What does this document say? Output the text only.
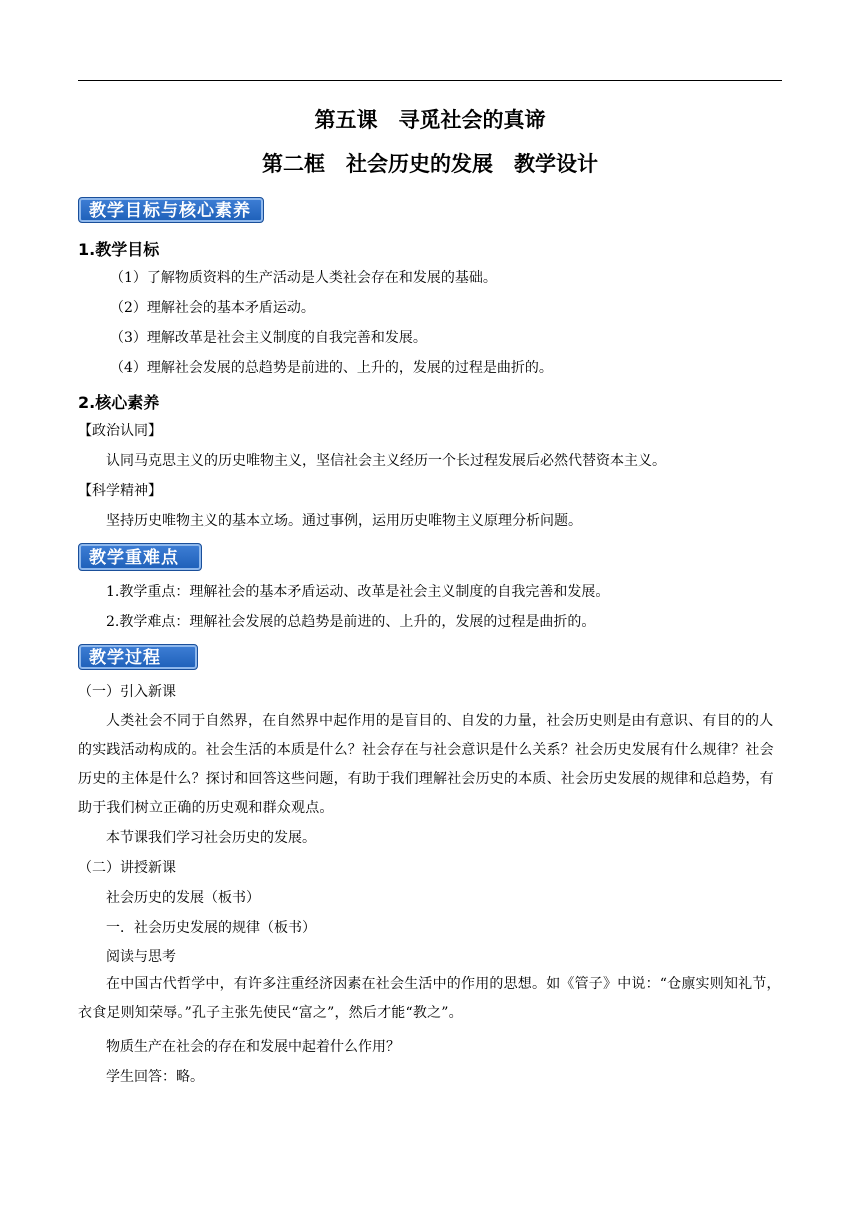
第五课　寻觅社会的真谛
第二框　社会历史的发展　教学设计
教学目标与核心素养
1.教学目标
（1）了解物质资料的生产活动是人类社会存在和发展的基础。
（2）理解社会的基本矛盾运动。
（3）理解改革是社会主义制度的自我完善和发展。
（4）理解社会发展的总趋势是前进的、上升的，发展的过程是曲折的。
2.核心素养
【政治认同】
认同马克思主义的历史唯物主义，坚信社会主义经历一个长过程发展后必然代替资本主义。
【科学精神】
坚持历史唯物主义的基本立场。通过事例，运用历史唯物主义原理分析问题。
教学重难点
1.教学重点：理解社会的基本矛盾运动、改革是社会主义制度的自我完善和发展。
2.教学难点：理解社会发展的总趋势是前进的、上升的，发展的过程是曲折的。
教学过程
（一）引入新课
人类社会不同于自然界，在自然界中起作用的是盲目的、自发的力量，社会历史则是由有意识、有目的的人的实践活动构成的。社会生活的本质是什么？社会存在与社会意识是什么关系？社会历史发展有什么规律？社会历史的主体是什么？探讨和回答这些问题，有助于我们理解社会历史的本质、社会历史发展的规律和总趋势，有助于我们树立正确的历史观和群众观点。
本节课我们学习社会历史的发展。
（二）讲授新课
社会历史的发展（板书）
一．社会历史发展的规律（板书）
阅读与思考
在中国古代哲学中，有许多注重经济因素在社会生活中的作用的思想。如《管子》中说：“仓廪实则知礼节，衣食足则知荣辱。”孔子主张先使民“富之”，然后才能“教之”。
物质生产在社会的存在和发展中起着什么作用？
学生回答：略。
